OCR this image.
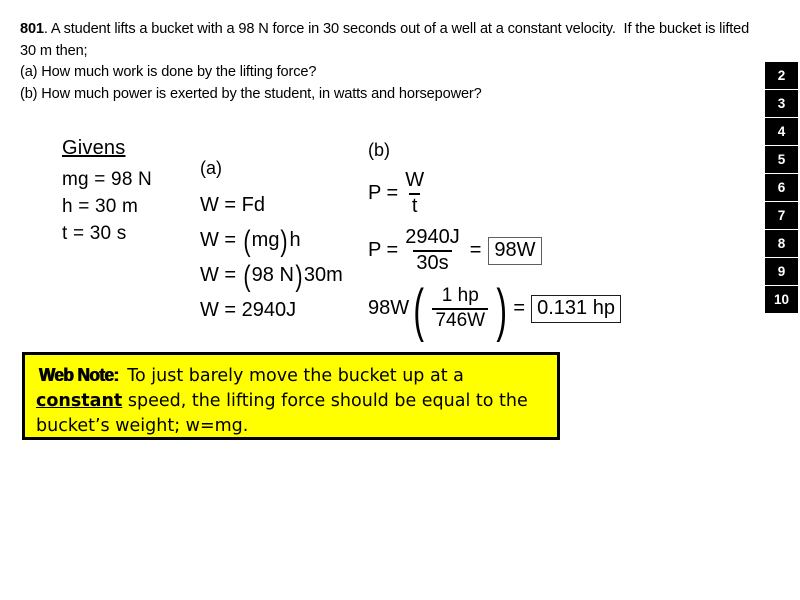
801. A student lifts a bucket with a 98 N force in 30 seconds out of a well at a constant velocity.  If the bucket is lifted
30 m then;
(a) How much work is done by the lifting force?
(b) How much power is exerted by the student, in watts and horsepower?
2
3
4
5
6
7
8
9
10
Givens
mg = 98 N
h = 30 m
t = 30 s
(a)
W = Fd
W = ( mg ) h
W = ( 98 N ) 30m
W = 2940J
(b)
$P = \frac{W}{t}$
$P = \frac{2940J}{30s} = 98W$
98W ( $\frac{1 hp}{746W}$ ) = 0.131 hp
Web Note: To just barely move the bucket up at a constant speed, the lifting force should be equal to the bucket’s weight; w=mg.
